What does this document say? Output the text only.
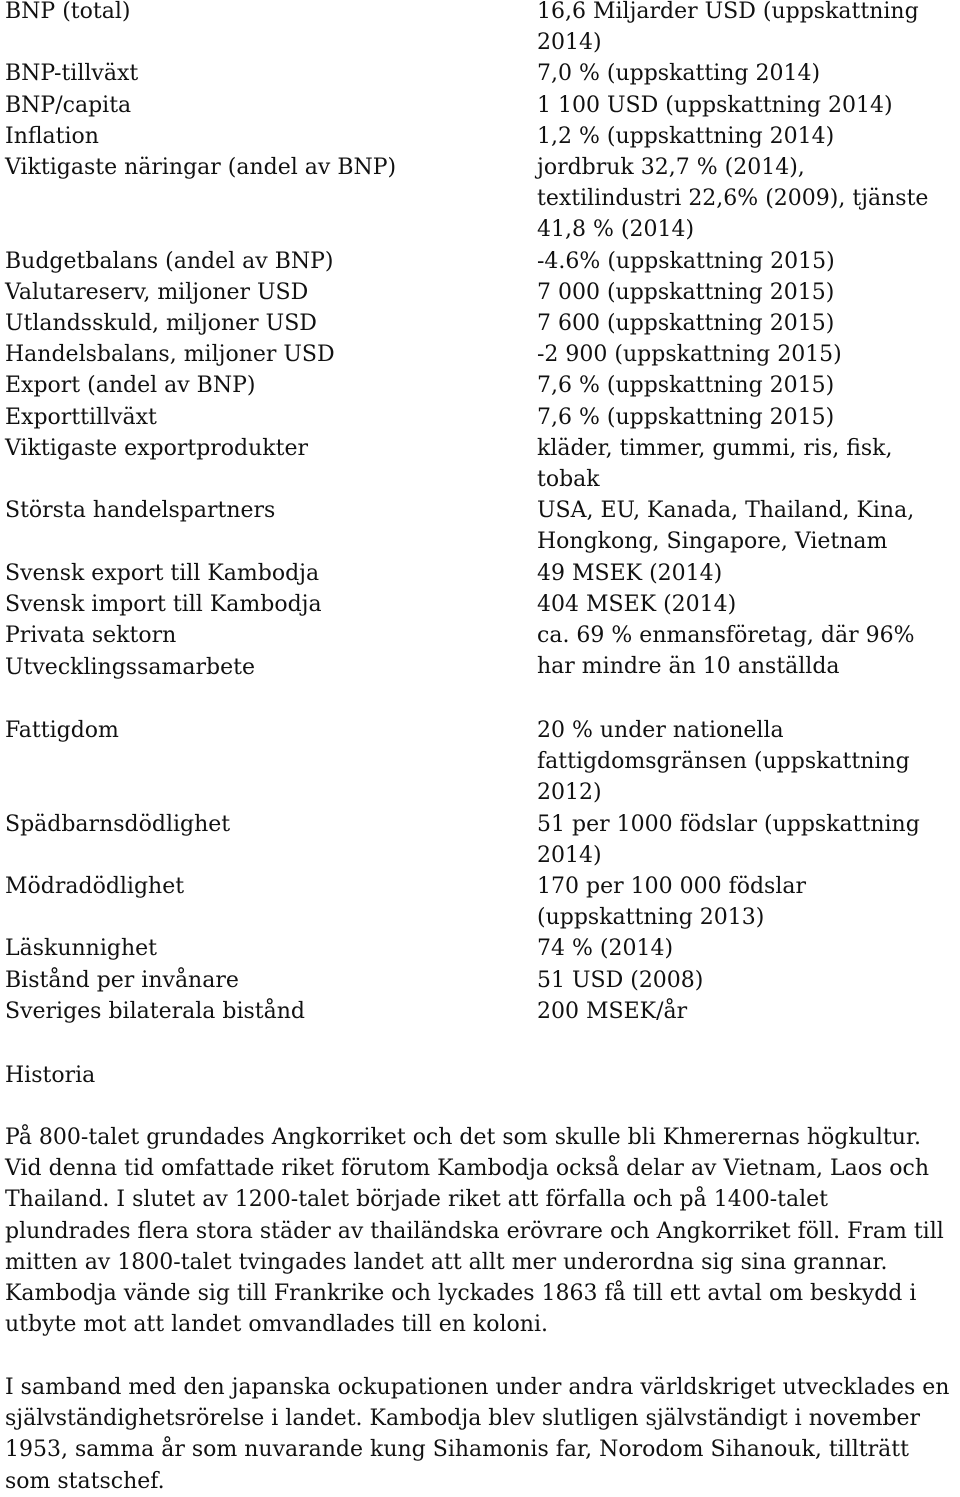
BNP (total)	16,6 Miljarder USD (uppskattning 2014)
BNP-tillväxt	7,0 % (uppskatting 2014)
BNP/capita	1 100 USD (uppskattning 2014)
Inflation	1,2 % (uppskattning 2014)
Viktigaste näringar (andel av BNP)	jordbruk 32,7 % (2014), textilindustri 22,6% (2009), tjänste 41,8 % (2014)
Budgetbalans (andel av BNP)	-4.6% (uppskattning 2015)
Valutareserv, miljoner USD	7 000 (uppskattning 2015)
Utlandsskuld, miljoner USD	7 600 (uppskattning 2015)
Handelsbalans, miljoner USD	-2 900 (uppskattning 2015)
Export (andel av BNP)	7,6 % (uppskattning 2015)
Exporttillväxt	7,6 % (uppskattning 2015)
Viktigaste exportprodukter	kläder, timmer, gummi, ris, fisk, tobak
Största handelspartners	USA, EU, Kanada, Thailand, Kina, Hongkong, Singapore, Vietnam
Svensk export till Kambodja	49 MSEK (2014)
Svensk import till Kambodja	404 MSEK (2014)
Privata sektorn	ca. 69 % enmansföretag, där 96% har mindre än 10 anställda
Utvecklingssamarbete
Fattigdom	20 % under nationella fattigdomsgränsen (uppskattning 2012)
Spädbarnsdödlighet	51 per 1000 födslar (uppskattning 2014)
Mödradödlighet	170 per 100 000 födslar (uppskattning 2013)
Läskunnighet	74 % (2014)
Bistånd per invånare	51 USD (2008)
Sveriges bilaterala bistånd	200 MSEK/år
Historia
På 800-talet grundades Angkorriket och det som skulle bli Khmerernas högkultur. Vid denna tid omfattade riket förutom Kambodja också delar av Vietnam, Laos och Thailand. I slutet av 1200-talet började riket att förfalla och på 1400-talet plundrades flera stora städer av thailändska erövrare och Angkorriket föll. Fram till mitten av 1800-talet tvingades landet att allt mer underordna sig sina grannar. Kambodja vände sig till Frankrike och lyckades 1863 få till ett avtal om beskydd i utbyte mot att landet omvandlades till en koloni.
I samband med den japanska ockupationen under andra världskriget utvecklades en självständighetsrörelse i landet. Kambodja blev slutligen självständigt i november 1953, samma år som nuvarande kung Sihamonis far, Norodom Sihanouk, tillträtt som statschef.
